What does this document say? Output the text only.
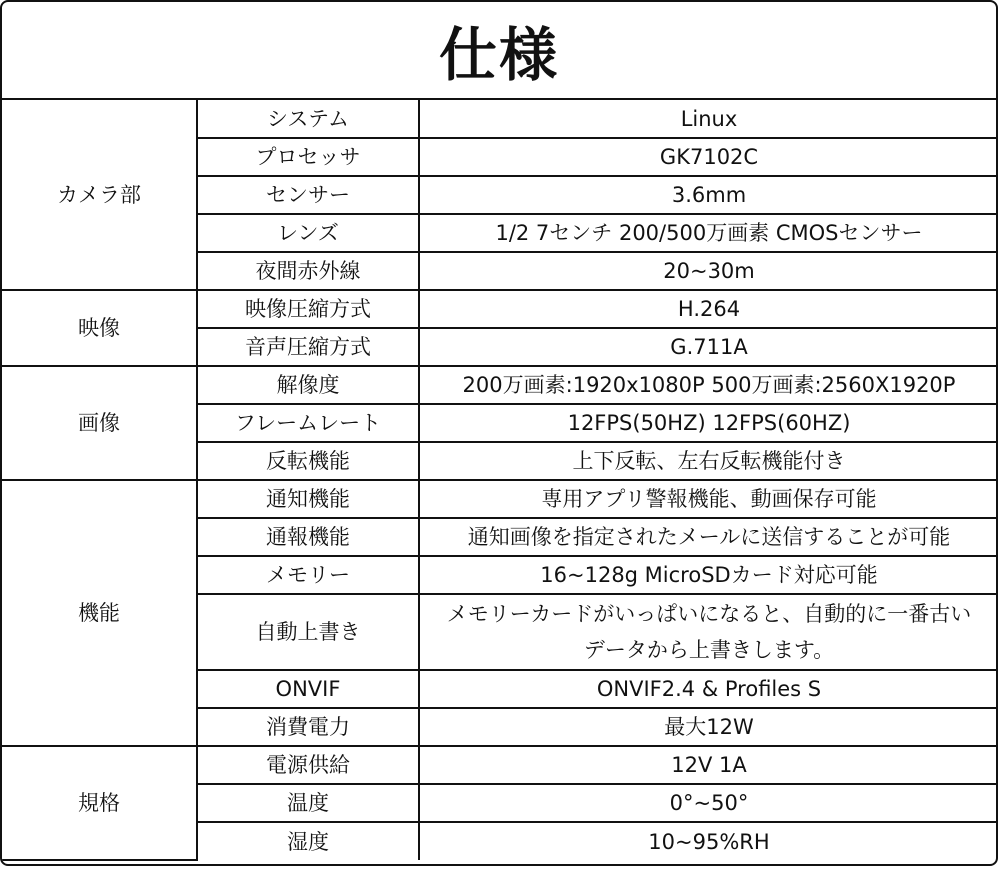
仕様
カメラ部	システム	Linux
	プロセッサ	GK7102C
	センサー	3.6mm
	レンズ	1/2 7センチ 200/500万画素 CMOSセンサー
	夜間赤外線	20~30m
映像	映像圧縮方式	H.264
	音声圧縮方式	G.711A
画像	解像度	200万画素:1920x1080P 500万画素:2560X1920P
	フレームレート	12FPS(50HZ) 12FPS(60HZ)
	反転機能	上下反転、左右反転機能付き
機能	通知機能	専用アプリ警報機能、動画保存可能
	通報機能	通知画像を指定されたメールに送信することが可能
	メモリー	16~128g MicroSDカード対応可能
	自動上書き	メモリーカードがいっぱいになると、自動的に一番古い
データから上書きします。

	ONVIF	ONVIF2.4 & Profiles S
	消費電力	最大12W
規格	電源供給	12V 1A
	温度	0°~50°
	湿度	10~95%RH
